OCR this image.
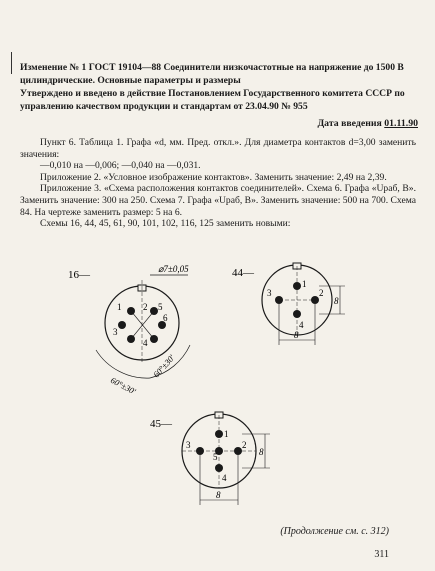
Изменение № 1 ГОСТ 19104—88 Соединители низкочастотные на напряжение до 1500 В цилиндрические. Основные параметры и размеры
Утверждено и введено в действие Постановлением Государственного комитета СССР по управлению качеством продукции и стандартам от 23.04.90 № 955
Дата введения 01.11.90

Пункт 6. Таблица 1. Графа «d, мм. Пред. откл.». Для диаметра контактов d=3,00 заменить значения:

—0,010 на —0,006; —0,040 на —0,031.

Приложение 2. «Условное изображение контактов». Заменить значение: 2,49 на 2,39.

Приложение 3. «Схема расположения контактов соединителей». Схема 6. Графа «Uраб, В». Заменить значение: 300 на 250. Схема 7. Графа «Uраб, В». Заменить значение: 500 на 700. Схема 84. На чертеже заменить размер: 5 на 6.

Схемы 16, 44, 45, 61, 90, 101, 102, 116, 125 заменить новыми:

16—
1 2
3
4
5
6
⌀7±0,05
60°±30'
60°±30'
44—
1
2
3
4
8
8
45—
1
2
3
4
5
8
8
(Продолжение см. с. 312)
311
